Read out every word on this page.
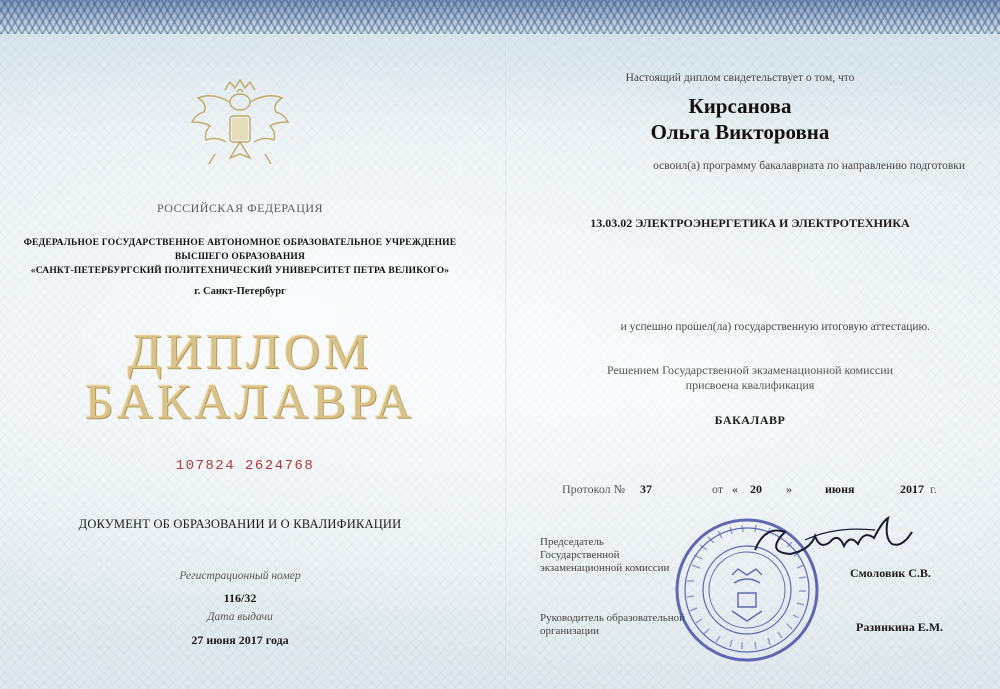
РОССИЙСКАЯ ФЕДЕРАЦИЯ
ФЕДЕРАЛЬНОЕ ГОСУДАРСТВЕННОЕ АВТОНОМНОЕ ОБРАЗОВАТЕЛЬНОЕ УЧРЕЖДЕНИЕ
ВЫСШЕГО ОБРАЗОВАНИЯ
«САНКТ-ПЕТЕРБУРГСКИЙ ПОЛИТЕХНИЧЕСКИЙ УНИВЕРСИТЕТ ПЕТРА ВЕЛИКОГО»
г. Санкт-Петербург
ДИПЛОМ
БАКАЛАВРА
107824 2624768
ДОКУМЕНТ ОБ ОБРАЗОВАНИИ И О КВАЛИФИКАЦИИ
Регистрационный номер
116/32
Дата выдачи
27 июня 2017 года
Настоящий диплом свидетельствует о том, что
Кирсанова
Ольга Викторовна
освоил(а) программу бакалавриата по направлению подготовки
13.03.02 ЭЛЕКТРОЭНЕРГЕТИКА И ЭЛЕКТРОТЕХНИКА
и успешно прошел(ла) государственную итоговую аттестацию.
Решением Государственной экзаменационной комиссии
присвоена квалификация
БАКАЛАВР
Протокол № 37	от « 20 »	июня	2017 г.
Председатель
Государственной
экзаменационной комиссии	Смоловик С.В.
Руководитель образовательной
организации	Разинкина Е.М.
